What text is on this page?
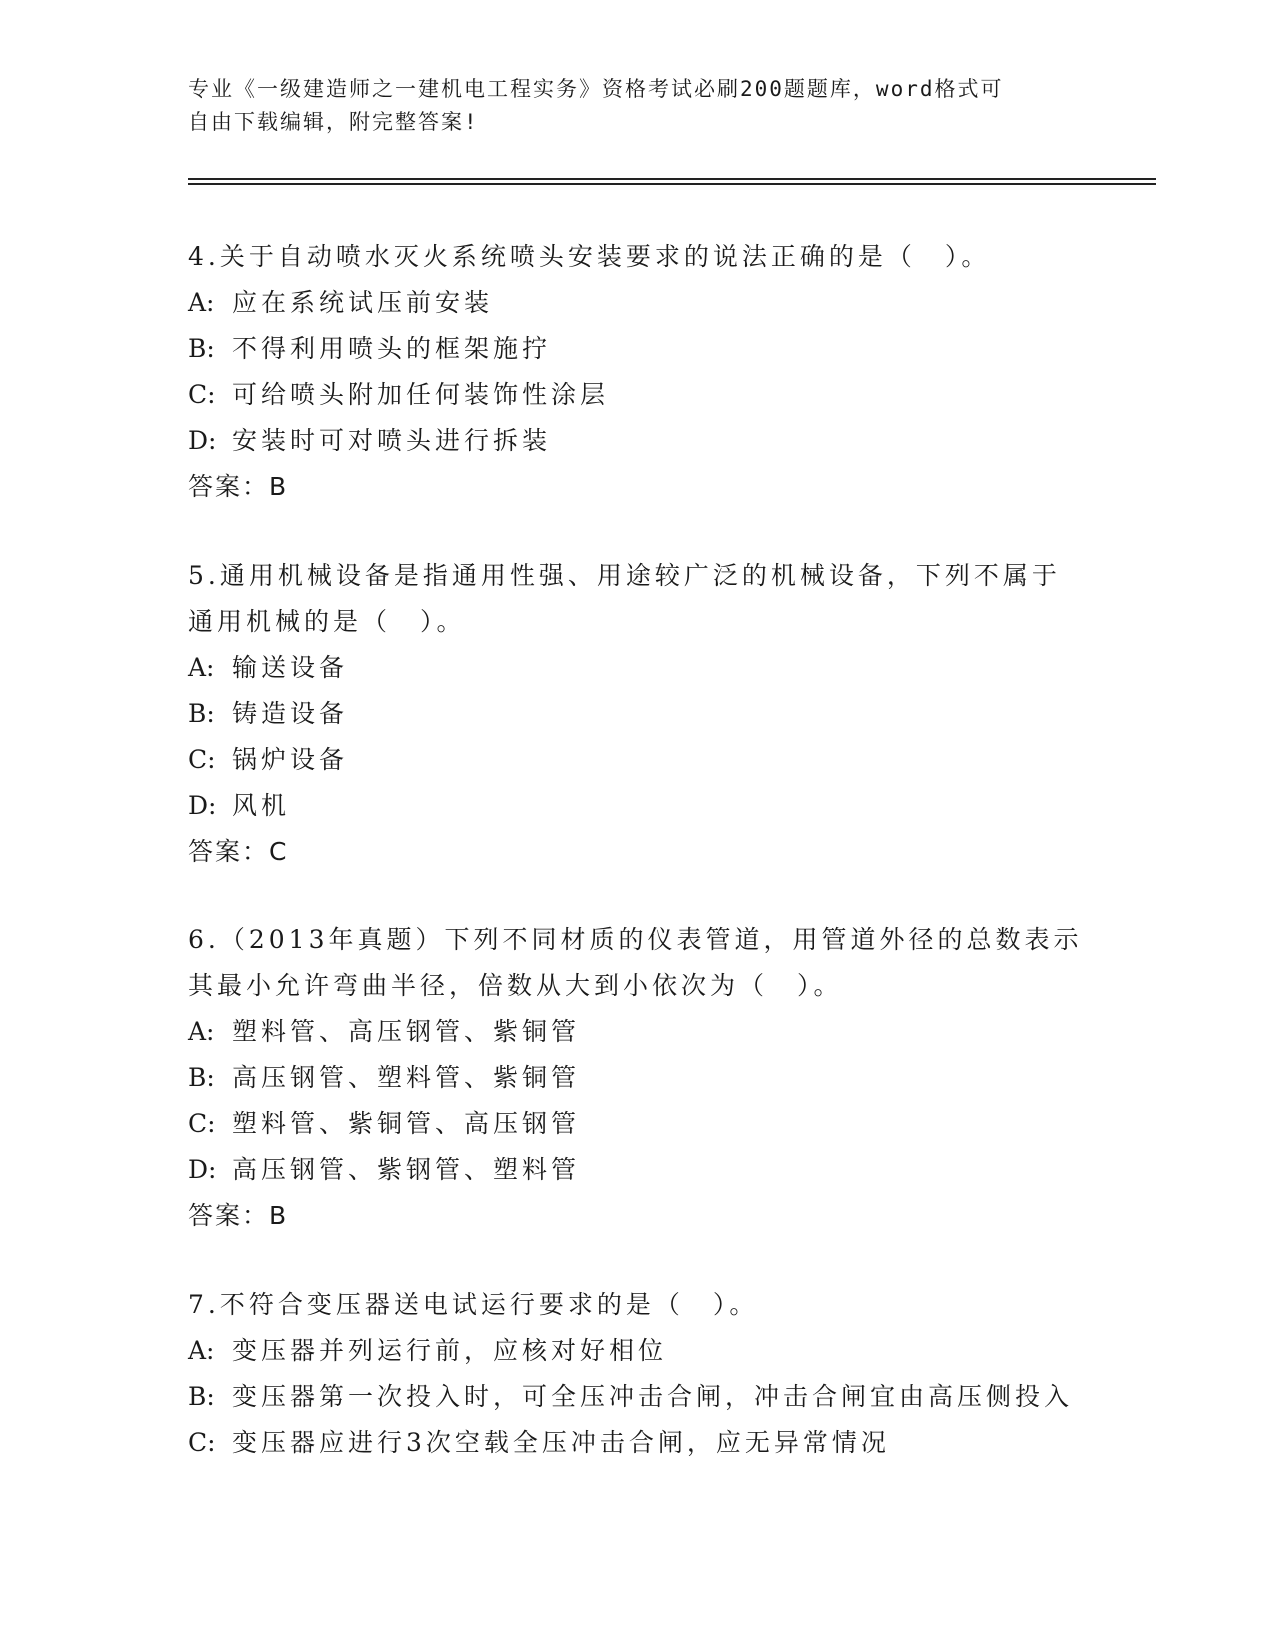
专业《一级建造师之一建机电工程实务》资格考试必刷200题题库，word格式可
自由下载编辑，附完整答案!

4.关于自动喷水灭火系统喷头安装要求的说法正确的是（　）。

A: 应在系统试压前安装

B: 不得利用喷头的框架施拧

C: 可给喷头附加任何装饰性涂层

D: 安装时可对喷头进行拆装

答案：B

5.通用机械设备是指通用性强、用途较广泛的机械设备，下列不属于通用机械的是（　）。

A: 输送设备

B: 铸造设备

C: 锅炉设备

D: 风机

答案：C

6.（2013年真题）下列不同材质的仪表管道，用管道外径的总数表示其最小允许弯曲半径，倍数从大到小依次为（　）。

A: 塑料管、高压钢管、紫铜管

B: 高压钢管、塑料管、紫铜管

C: 塑料管、紫铜管、高压钢管

D: 高压钢管、紫钢管、塑料管

答案：B

7.不符合变压器送电试运行要求的是（　）。

A: 变压器并列运行前，应核对好相位

B: 变压器第一次投入时，可全压冲击合闸，冲击合闸宜由高压侧投入

C: 变压器应进行3次空载全压冲击合闸，应无异常情况
